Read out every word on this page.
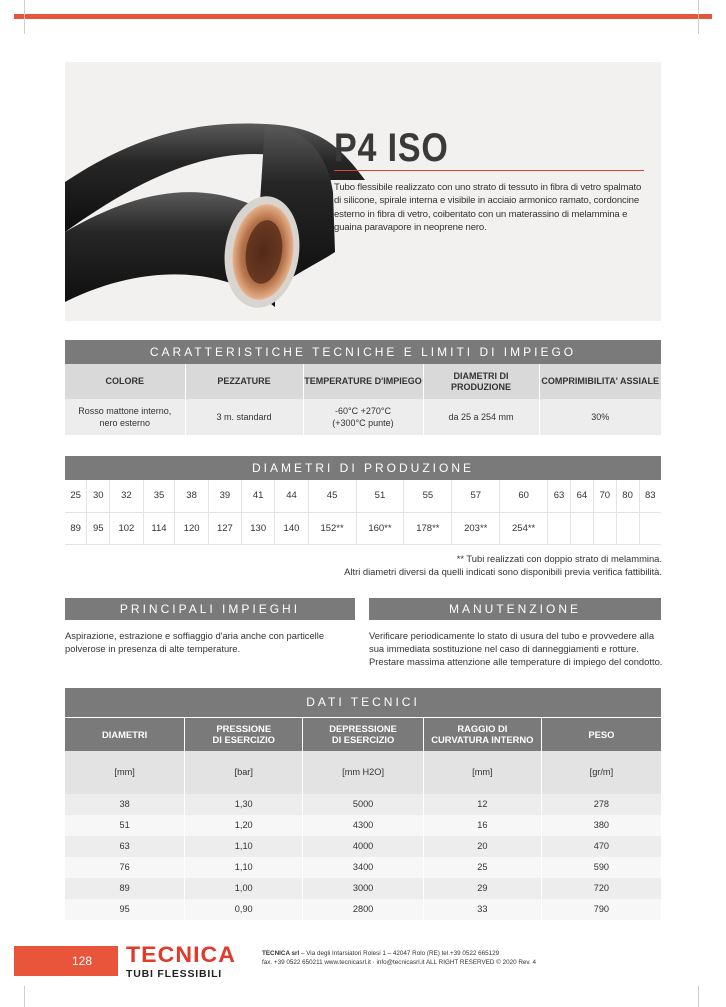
P4 ISO
Tubo flessibile realizzato con uno strato di tessuto in fibra di vetro spalmato di silicone, spirale interna e visibile in acciaio armonico ramato, cordoncine esterno in fibra di vetro, coibentato con un materassino di melammina e guaina paravapore in neoprene nero.
CARATTERISTICHE TECNICHE E LIMITI DI IMPIEGO				
COLORE	PEZZATURE	TEMPERATURE D'IMPIEGO	DIAMETRI DI PRODUZIONE	COMPRIMIBILITA' ASSIALE
Rosso mattone interno, nero esterno	3 m. standard	-60°C +270°C (+300°C punte)	da 25 a 254 mm	30%
DIAMETRI DI PRODUZIONE																	
25	30	32	35	38	39	41	44	45	51	55	57	60	63	64	70	80	83
89	95	102	114	120	127	130	140	152**	160**	178**	203**	254**					
** Tubi realizzati con doppio strato di melammina.
Altri diametri diversi da quelli indicati sono disponibili previa verifica fattibilità.
PRINCIPALI IMPIEGHI
Aspirazione, estrazione e soffiaggio d'aria anche con particelle polverose in presenza di alte temperature.
MANUTENZIONE
Verificare periodicamente lo stato di usura del tubo e provvedere alla sua immediata sostituzione nel caso di danneggiamenti e rotture.
Prestare massima attenzione alle temperature di impiego del condotto.
DATI TECNICI				
DIAMETRI	PRESSIONE DI ESERCIZIO	DEPRESSIONE DI ESERCIZIO	RAGGIO DI CURVATURA INTERNO	PESO
[mm]	[bar]	[mm H2O]	[mm]	[gr/m]
38	1,30	5000	12	278
51	1,20	4300	16	380
63	1,10	4000	20	470
76	1,10	3400	25	590
89	1,00	3000	29	720
95	0,90	2800	33	790
128	TECNICA
TUBI FLESSIBILI
TECNICA srl – Via degli Intarsiatori Rolesi 1 – 42047 Rolo (RE) tel.+39 0522 665129
fax. +39 0522 650211 www.tecnicasrl.it · info@tecnicasrl.it ALL RIGHT RESERVED © 2020 Rev. 4
